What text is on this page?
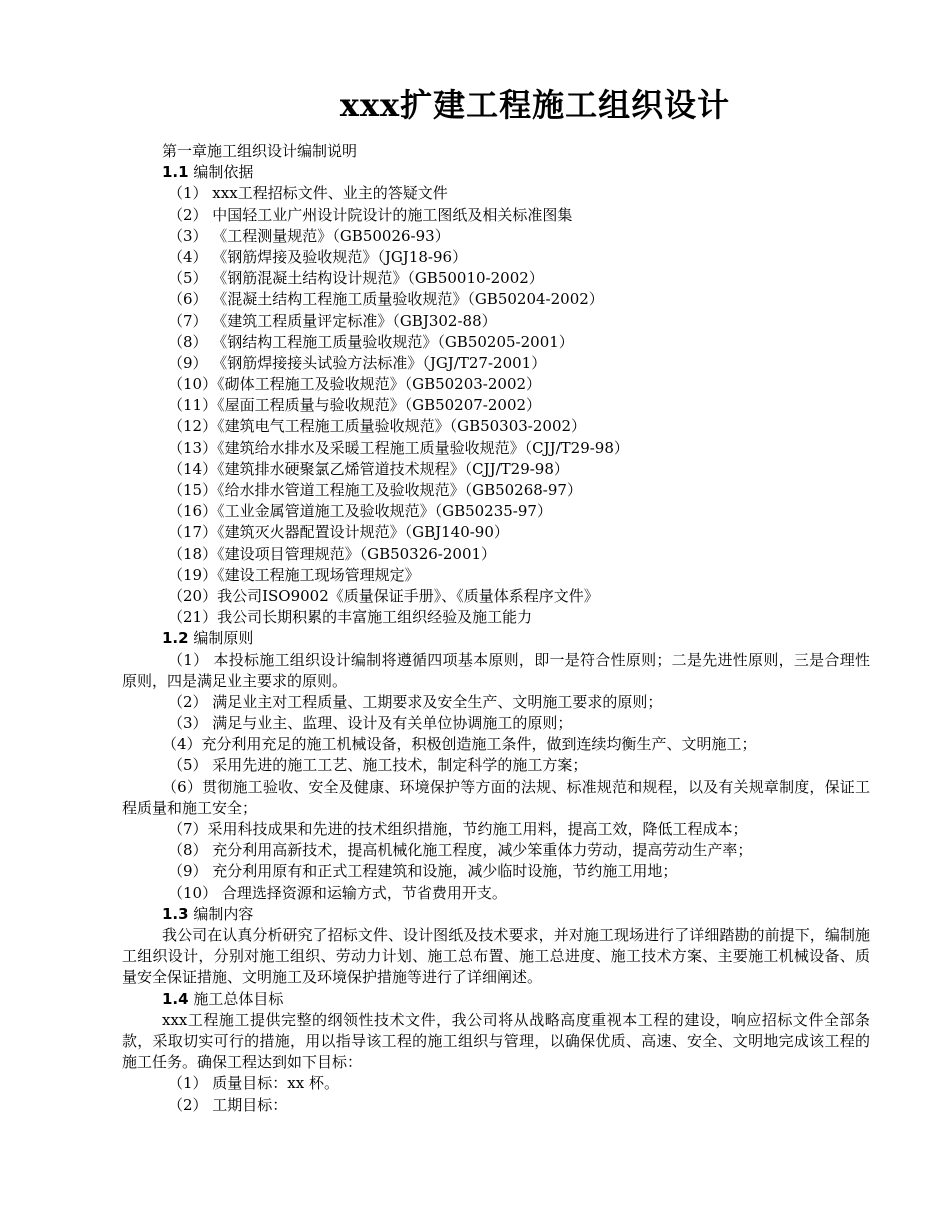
xxx扩建工程施工组织设计
第一章施工组织设计编制说明
1.1 编制依据
（1） xxx工程招标文件、业主的答疑文件
（2） 中国轻工业广州设计院设计的施工图纸及相关标准图集
（3） 《工程测量规范》（GB50026-93）
（4） 《钢筋焊接及验收规范》（JGJ18-96）
（5） 《钢筋混凝土结构设计规范》（GB50010-2002）
（6） 《混凝土结构工程施工质量验收规范》（GB50204-2002）
（7） 《建筑工程质量评定标准》（GBJ302-88）
（8） 《钢结构工程施工质量验收规范》（GB50205-2001）
（9） 《钢筋焊接接头试验方法标准》（JGJ/T27-2001）
（10）《砌体工程施工及验收规范》（GB50203-2002）
（11）《屋面工程质量与验收规范》（GB50207-2002）
（12）《建筑电气工程施工质量验收规范》（GB50303-2002）
（13）《建筑给水排水及采暖工程施工质量验收规范》（CJJ/T29-98）
（14）《建筑排水硬聚氯乙烯管道技术规程》（CJJ/T29-98）
（15）《给水排水管道工程施工及验收规范》（GB50268-97）
（16）《工业金属管道施工及验收规范》（GB50235-97）
（17）《建筑灭火器配置设计规范》（GBJ140-90）
（18）《建设项目管理规范》（GB50326-2001）
（19）《建设工程施工现场管理规定》
（20）我公司ISO9002《质量保证手册》、《质量体系程序文件》
（21）我公司长期积累的丰富施工组织经验及施工能力
1.2 编制原则
（1） 本投标施工组织设计编制将遵循四项基本原则，即一是符合性原则；二是先进性原则，三是合理性原则，四是满足业主要求的原则。
（2） 满足业主对工程质量、工期要求及安全生产、文明施工要求的原则；
（3） 满足与业主、监理、设计及有关单位协调施工的原则；
（4）充分利用充足的施工机械设备，积极创造施工条件，做到连续均衡生产、文明施工；
（5） 采用先进的施工工艺、施工技术，制定科学的施工方案；
（6）贯彻施工验收、安全及健康、环境保护等方面的法规、标准规范和规程，以及有关规章制度，保证工程质量和施工安全；
（7）采用科技成果和先进的技术组织措施，节约施工用料，提高工效，降低工程成本；
（8） 充分利用高新技术，提高机械化施工程度，减少笨重体力劳动，提高劳动生产率；
（9） 充分利用原有和正式工程建筑和设施，减少临时设施，节约施工用地；
（10） 合理选择资源和运输方式，节省费用开支。
1.3 编制内容
我公司在认真分析研究了招标文件、设计图纸及技术要求，并对施工现场进行了详细踏勘的前提下，编制施工组织设计，分别对施工组织、劳动力计划、施工总布置、施工总进度、施工技术方案、主要施工机械设备、质量安全保证措施、文明施工及环境保护措施等进行了详细阐述。
1.4 施工总体目标
xxx工程施工提供完整的纲领性技术文件，我公司将从战略高度重视本工程的建设，响应招标文件全部条款，采取切实可行的措施，用以指导该工程的施工组织与管理，以确保优质、高速、安全、文明地完成该工程的施工任务。确保工程达到如下目标：
（1） 质量目标：xx 杯。
（2） 工期目标：
